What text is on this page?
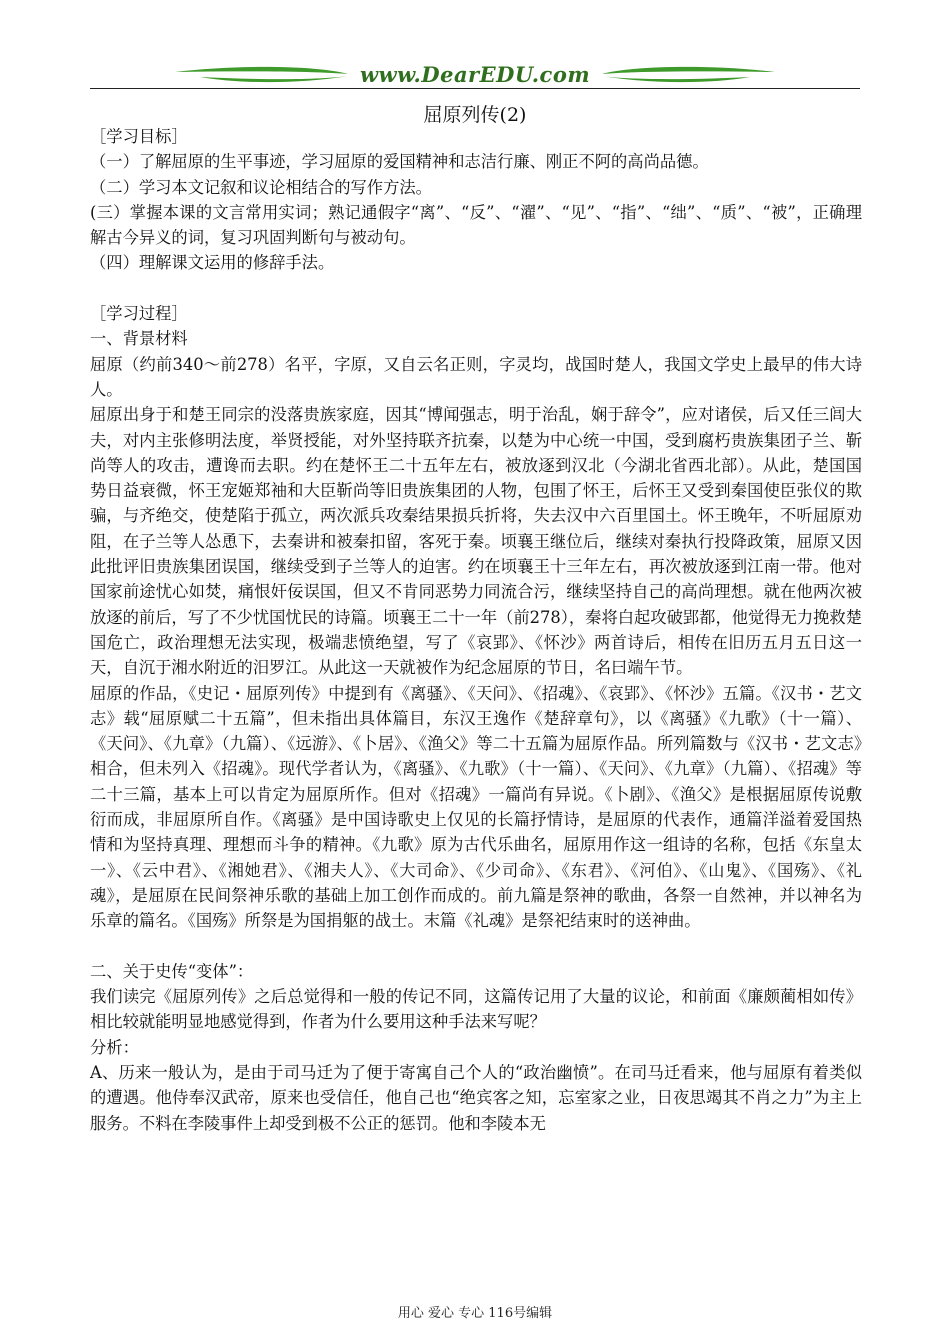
www.DearEDU.com
屈原列传(2)

［学习目标］

（一）了解屈原的生平事迹，学习屈原的爱国精神和志洁行廉、刚正不阿的高尚品德。

（二）学习本文记叙和议论相结合的写作方法。

(三）掌握本课的文言常用实词；熟记通假字“离”、“反”、“濯”、“见”、“指”、“绌”、“质”、“被”，正确理解古今异义的词，复习巩固判断句与被动句。

（四）理解课文运用的修辞手法。

［学习过程］

一、背景材料

屈原（约前340～前278）名平，字原，又自云名正则，字灵均，战国时楚人，我国文学史上最早的伟大诗人。

屈原出身于和楚王同宗的没落贵族家庭，因其“博闻强志，明于治乱，娴于辞令”，应对诸侯，后又任三闾大夫，对内主张修明法度，举贤授能，对外坚持联齐抗秦，以楚为中心统一中国，受到腐朽贵族集团子兰、靳尚等人的攻击，遭谗而去职。约在楚怀王二十五年左右，被放逐到汉北（今湖北省西北部）。从此，楚国国势日益衰微，怀王宠姬郑袖和大臣靳尚等旧贵族集团的人物，包围了怀王，后怀王又受到秦国使臣张仪的欺骗，与齐绝交，使楚陷于孤立，两次派兵攻秦结果损兵折将，失去汉中六百里国土。怀王晚年，不听屈原劝阻，在子兰等人怂恿下，去秦讲和被秦扣留，客死于秦。顷襄王继位后，继续对秦执行投降政策，屈原又因此批评旧贵族集团误国，继续受到子兰等人的迫害。约在顷襄王十三年左右，再次被放逐到江南一带。他对国家前途忧心如焚，痛恨奸佞误国，但又不肯同恶势力同流合污，继续坚持自己的高尚理想。就在他两次被放逐的前后，写了不少忧国忧民的诗篇。顷襄王二十一年（前278），秦将白起攻破郢都，他觉得无力挽救楚国危亡，政治理想无法实现，极端悲愤绝望，写了《哀郢》、《怀沙》两首诗后，相传在旧历五月五日这一天，自沉于湘水附近的汨罗江。从此这一天就被作为纪念屈原的节日，名曰端午节。

屈原的作品，《史记・屈原列传》中提到有《离骚》、《天问》、《招魂》、《哀郢》、《怀沙》五篇。《汉书・艺文志》载“屈原赋二十五篇”，但未指出具体篇目，东汉王逸作《楚辞章句》，以《离骚》《九歌》（十一篇）、《天问》、《九章》（九篇）、《远游》、《卜居》、《渔父》等二十五篇为屈原作品。所列篇数与《汉书・艺文志》相合，但未列入《招魂》。现代学者认为，《离骚》、《九歌》（十一篇）、《天问》、《九章》（九篇）、《招魂》等二十三篇，基本上可以肯定为屈原所作。但对《招魂》一篇尚有异说。《卜剧》、《渔父》是根据屈原传说敷衍而成，非屈原所自作。《离骚》是中国诗歌史上仅见的长篇抒情诗，是屈原的代表作，通篇洋溢着爱国热情和为坚持真理、理想而斗争的精神。《九歌》原为古代乐曲名，屈原用作这一组诗的名称，包括《东皇太一》、《云中君》、《湘她君》、《湘夫人》、《大司命》、《少司命》、《东君》、《河伯》、《山鬼》、《国殇》、《礼魂》，是屈原在民间祭神乐歌的基础上加工创作而成的。前九篇是祭神的歌曲，各祭一自然神，并以神名为乐章的篇名。《国殇》所祭是为国捐躯的战士。末篇《礼魂》是祭祀结束时的送神曲。

二、关于史传“变体”：

我们读完《屈原列传》之后总觉得和一般的传记不同，这篇传记用了大量的议论，和前面《廉颇蔺相如传》相比较就能明显地感觉得到，作者为什么要用这种手法来写呢？

分析：

A、历来一般认为，是由于司马迁为了便于寄寓自己个人的“政治幽愤”。在司马迁看来，他与屈原有着类似的遭遇。他侍奉汉武帝，原来也受信任，他自己也“绝宾客之知，忘室家之业，日夜思竭其不肖之力”为主上服务。不料在李陵事件上却受到极不公正的惩罚。他和李陵本无

用心 爱心 专心 116号编辑
